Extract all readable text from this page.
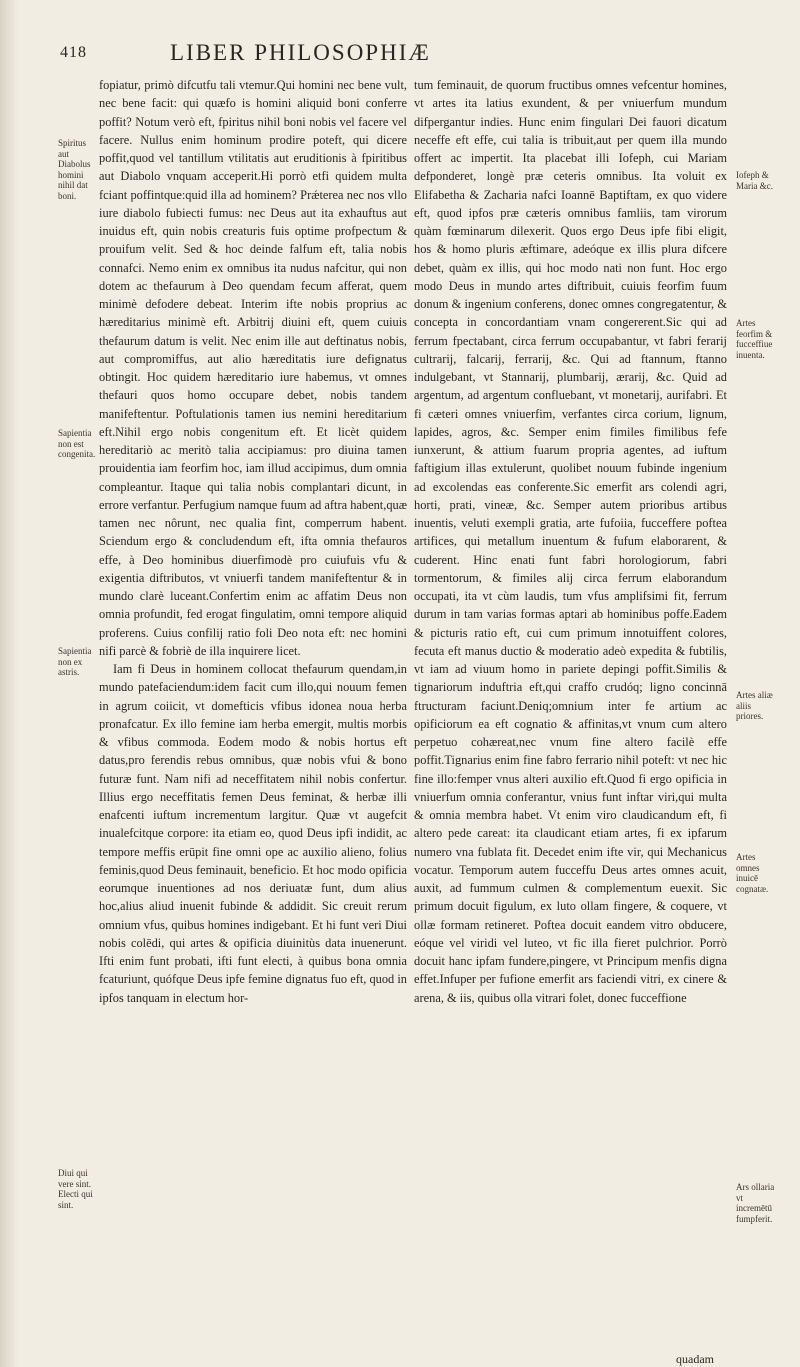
418	LIBER PHILOSOPHIÆ
Spiritus aut Diabolus homini nihil dat boni.
Sapientia non est congenita.
Sapientia non ex astris.
Diui qui vere sint. Electi qui sint.

fopiatur, primò difcutfu tali vtemur.Qui homini nec bene vult, nec bene facit: qui quæfo is homini aliquid boni conferre poffit? Notum verò eft, fpiritus nihil boni nobis vel facere vel facere. Nullus enim hominum prodire poteft, qui dicere poffit,quod vel tantillum vtilitatis aut eruditionis à fpiritibus aut Diabolo vnquam acceperit.Hi porrò etfi quidem multa fciant poffintque:quid illa ad hominem? Prǽterea nec nos vllo iure diabolo fubiecti fumus: nec Deus aut ita exhauftus aut inuidus eft, quin nobis creaturis fuis optime profpectum & prouifum velit. Sed & hoc deinde falfum eft, talia nobis connafci. Nemo enim ex omnibus ita nudus nafcitur, qui non dotem ac thefaurum à Deo quendam fecum afferat, quem minimè defodere debeat. Interim ifte nobis proprius ac hæreditarius minimè eft. Arbitrij diuini eft, quem cuiuis thefaurum datum is velit. Nec enim ille aut deftinatus nobis, aut compromiffus, aut alio hæreditatis iure defignatus obtingit. Hoc quidem hæreditario iure habemus, vt omnes thefauri quos homo occupare debet, nobis tandem manifeftentur. Poftulationis tamen ius nemini hereditarium eft.Nihil ergo nobis congenitum eft. Et licèt quidem hereditariò ac meritò talia accipiamus: pro diuina tamen prouidentia iam feorfim hoc, iam illud accipimus, dum omnia compleantur. Itaque qui talia nobis complantari dicunt, in errore verfantur. Perfugium namque fuum ad aftra habent,quæ tamen nec nôrunt, nec qualia fint, comperrum habent. Sciendum ergo & concludendum eft, ifta omnia thefauros effe, à Deo hominibus diuerfimodè pro cuiufuis vfu & exigentia diftributos, vt vniuerfi tandem manifeftentur & in mundo clarè luceant.Confertim enim ac affatim Deus non omnia profundit, fed erogat fingulatim, omni tempore aliquid proferens. Cuius confilij ratio foli Deo nota eft: nec homini nifi parcè & fobriè de illa inquirere licet.

Iam fi Deus in hominem collocat thefaurum quendam,in mundo patefaciendum:idem facit cum illo,qui nouum femen in agrum coiicit, vt domefticis vfibus idonea noua herba pronafcatur. Ex illo femine iam herba emergit, multis morbis & vfibus commoda. Eodem modo & nobis hortus eft datus,pro ferendis rebus omnibus, quæ nobis vfui & bono futuræ funt. Nam nifi ad neceffitatem nihil nobis confertur. Illius ergo neceffitatis femen Deus feminat, & herbæ illi enafcenti iuftum incrementum largitur. Quæ vt augefcit inualefcitque corpore: ita etiam eo, quod Deus ipfi indidit, ac tempore meffis erūpit fine omni ope ac auxilio alieno, folius feminis,quod Deus feminauit, beneficio. Et hoc modo opificia eorumque inuentiones ad nos deriuatæ funt, dum alius hoc,alius aliud inuenit fubinde & addidit. Sic creuit rerum omnium vfus, quibus homines indigebant. Et hi funt veri Diui nobis colēdi, qui artes & opificia diuinitùs data inuenerunt. Ifti enim funt probati, ifti funt electi, à quibus bona omnia fcaturiunt, quófque Deus ipfe femine dignatus fuo eft, quod in ipfos tanquam in electum hor-

tum feminauit, de quorum fructibus omnes vefcentur homines, vt artes ita latius exundent, & per vniuerfum mundum difpergantur indies. Hunc enim fingulari Dei fauori dicatum neceffe eft effe, cui talia is tribuit,aut per quem illa mundo offert ac impertit. Ita placebat illi Iofeph, cui Mariam defponderet, longè præ ceteris omnibus. Ita voluit ex Elifabetha & Zacharia nafci Ioannē Baptiftam, ex quo videre eft, quod ipfos præ cæteris omnibus famliis, tam virorum quàm fœminarum dilexerit. Quos ergo Deus ipfe fibi eligit, hos & homo pluris æftimare, adeóque ex illis plura difcere debet, quàm ex illis, qui hoc modo nati non funt. Hoc ergo modo Deus in mundo artes diftribuit, cuiuis feorfim fuum donum & ingenium conferens, donec omnes congregatentur, & concepta in concordantiam vnam congererent.Sic qui ad ferrum fpectabant, circa ferrum occupabantur, vt fabri ferarij cultrarij, falcarij, ferrarij, &c. Qui ad ftannum, ftanno indulgebant, vt Stannarij, plumbarij, ærarij, &c. Quid ad argentum, ad argentum confluebant, vt monetarij, aurifabri. Et fi cæteri omnes vniuerfim, verfantes circa corium, lignum, lapides, agros, &c. Semper enim fimiles fimilibus fefe iunxerunt, & attium fuarum propria agentes, ad iuftum faftigium illas extulerunt, quolibet nouum fubinde ingenium ad excolendas eas conferente.Sic emerfit ars colendi agri, horti, prati, vineæ, &c. Semper autem prioribus artibus inuentis, veluti exempli gratia, arte fufoiia, fucceffere poftea artifices, qui metallum inuentum & fufum elaborarent, & cuderent. Hinc enati funt fabri horologiorum, fabri tormentorum, & fimiles alij circa ferrum elaborandum occupati, ita vt cùm laudis, tum vfus amplifsimi fit, ferrum durum in tam varias formas aptari ab hominibus poffe.Eadem & picturis ratio eft, cui cum primum innotuiffent colores, fecuta eft manus ductio & moderatio adeò expedita & fubtilis, vt iam ad viuum homo in pariete depingi poffit.Similis & tignariorum induftria eft,qui craffo crudóq; ligno concinnā ftructuram faciunt.Deniq;omnium inter fe artium ac opificiorum ea eft cognatio & affinitas,vt vnum cum altero perpetuo cohæreat,nec vnum fine altero facilè effe poffit.Tignarius enim fine fabro ferrario nihil poteft: vt nec hic fine illo:femper vnus alteri auxilio eft.Quod fi ergo opificia in vniuerfum omnia conferantur, vnius funt inftar viri,qui multa & omnia membra habet. Vt enim viro claudicandum eft, fi altero pede careat: ita claudicant etiam artes, fi ex ipfarum numero vna fublata fit. Decedet enim ifte vir, qui Mechanicus vocatur. Temporum autem fucceffu Deus artes omnes acuit, auxit, ad fummum culmen & complementum euexit. Sic primum docuit figulum, ex luto ollam fingere, & coquere, vt ollæ formam retineret. Poftea docuit eandem vitro obducere, eóque vel viridi vel luteo, vt fic illa fieret pulchrior. Porrò docuit hanc ipfam fundere,pingere, vt Principum menfis digna effet.Infuper per fufione emerfit ars faciendi vitri, ex cinere & arena, & iis, quibus olla vitrari folet, donec fucceffione

Iofeph & Maria &c.
Artes feorfim & fucceffiue inuenta.
Artes aliæ aliis priores.
Artes omnes inuicē cognatæ.
Ars ollaria vt incremētū fumpferit.
quadam
